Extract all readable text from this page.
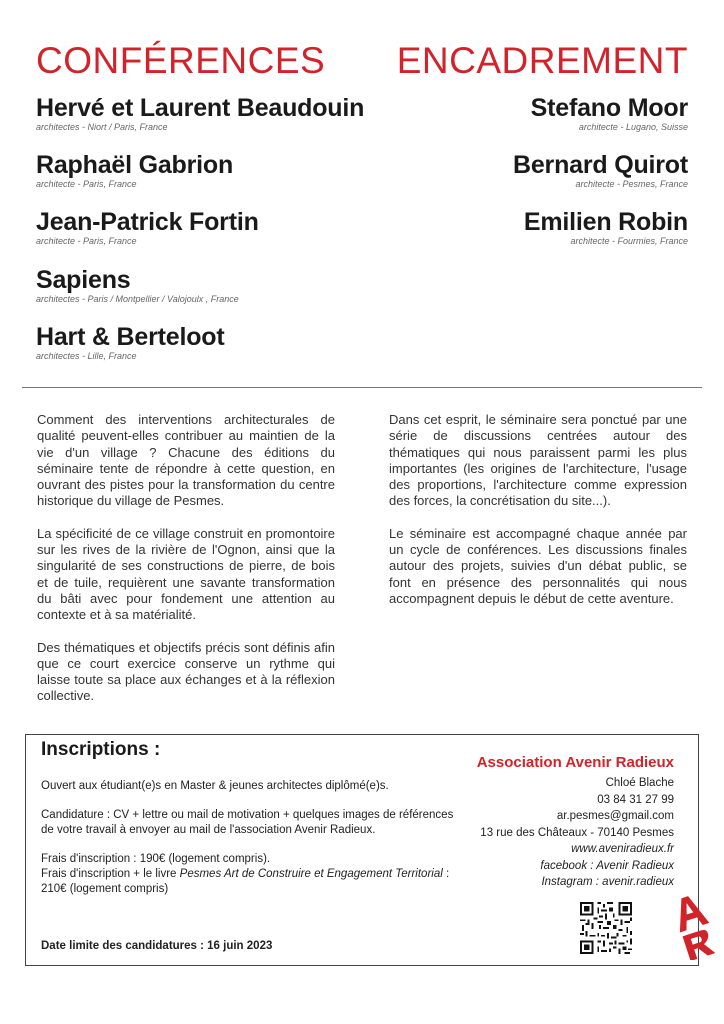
CONFÉRENCES ENCADREMENT
Hervé et Laurent Beaudouin
architectes - Niort / Paris, France
Raphaël Gabrion
architecte - Paris, France
Jean-Patrick Fortin
architecte - Paris, France
Sapiens
architectes - Paris / Montpellier / Valojoulx , France
Hart & Berteloot
architectes - Lille, France
Stefano Moor
architecte - Lugano, Suisse
Bernard Quirot
architecte - Pesmes, France
Emilien Robin
architecte - Fourmies, France

Comment des interventions architecturales de qualité peuvent-elles contribuer au maintien de la vie d'un village ? Chacune des éditions du séminaire tente de répondre à cette question, en ouvrant des pistes pour la transformation du centre historique du village de Pesmes.

La spécificité de ce village construit en promontoire sur les rives de la rivière de l'Ognon, ainsi que la singularité de ses constructions de pierre, de bois et de tuile, requièrent une savante transformation du bâti avec pour fondement une attention au contexte et à sa matérialité.

Des thématiques et objectifs précis sont définis afin que ce court exercice conserve un rythme qui laisse toute sa place aux échanges et à la réflexion collective.

Dans cet esprit, le séminaire sera ponctué par une série de discussions centrées autour des thématiques qui nous paraissent parmi les plus importantes (les origines de l'architecture, l'usage des proportions, l'architecture comme expression des forces, la concrétisation du site...).

Le séminaire est accompagné chaque année par un cycle de conférences. Les discussions finales autour des projets, suivies d'un débat public, se font en présence des personnalités qui nous accompagnent depuis le début de cette aventure.

Inscriptions :

Ouvert aux étudiant(e)s en Master & jeunes architectes diplômé(e)s.

Candidature : CV + lettre ou mail de motivation + quelques images de références de votre travail à envoyer au mail de l'association Avenir Radieux.

Frais d'inscription : 190€ (logement compris).
Frais d'inscription + le livre Pesmes Art de Construire et Engagement Territorial : 210€ (logement compris)

Date limite des candidatures : 16 juin 2023
Association Avenir Radieux
Chloé Blache
03 84 31 27 99
ar.pesmes@gmail.com
13 rue des Châteaux - 70140 Pesmes
www.aveniradieux.fr
facebook : Avenir Radieux
Instagram : avenir.radieux
